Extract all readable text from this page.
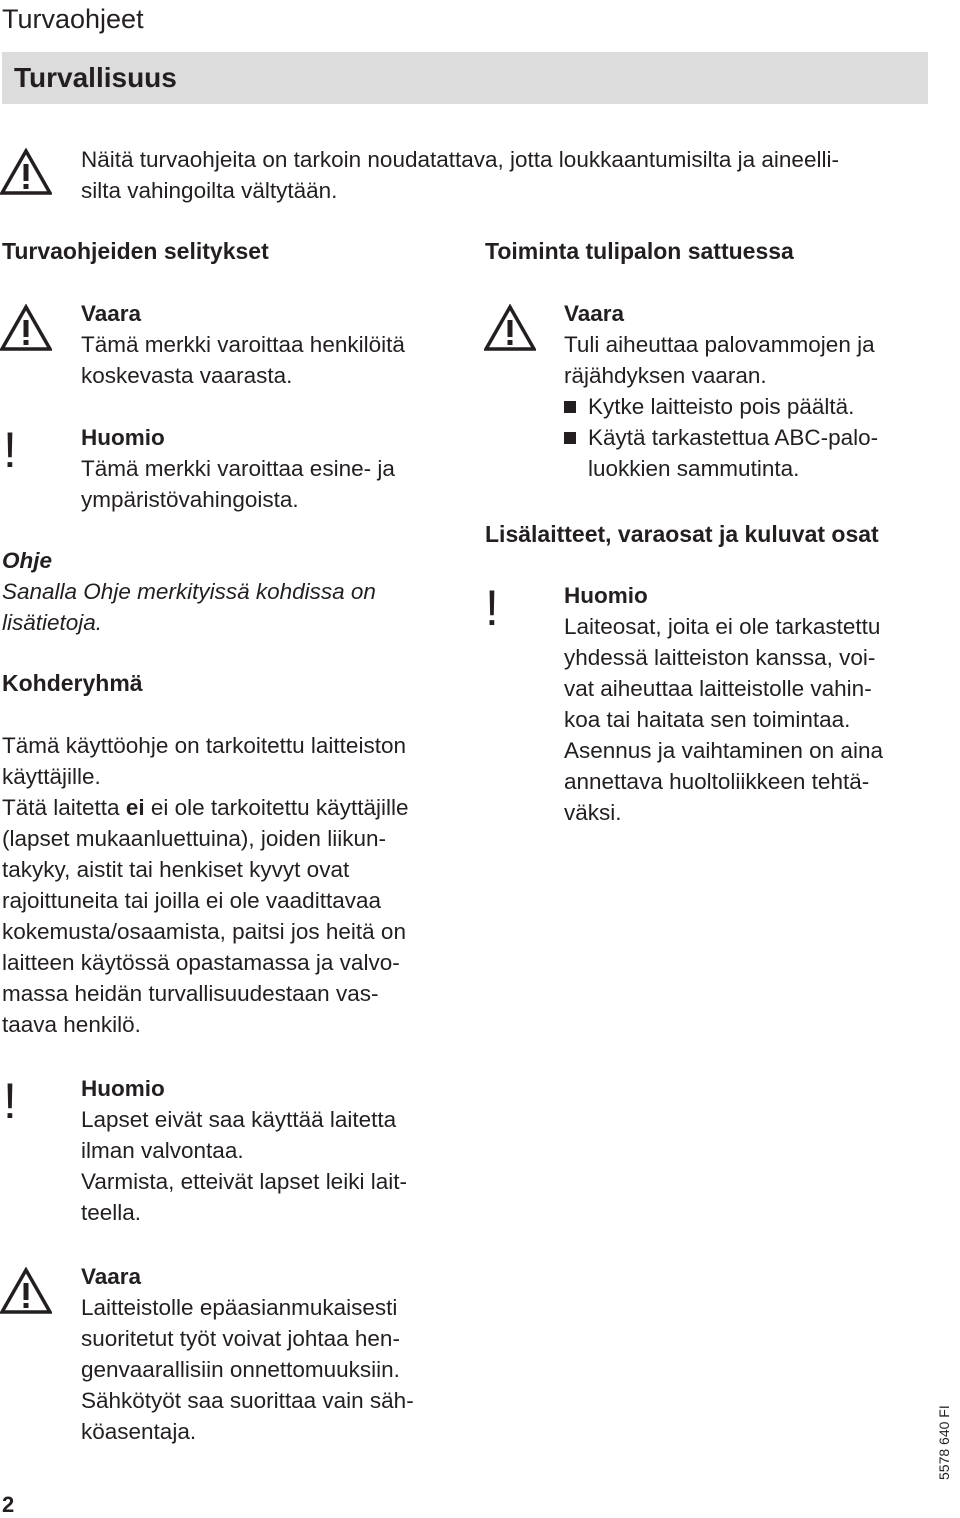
Turvaohjeet
Turvallisuus
Näitä turvaohjeita on tarkoin noudatattava, jotta loukkaantumisilta ja aineelli-
silta vahingoilta vältytään.
Turvaohjeiden selitykset
Vaara
Tämä merkki varoittaa henkilöitä
koskevasta vaarasta.
!	Huomio
Tämä merkki varoittaa esine- ja
ympäristövahingoista.
Ohje
Sanalla Ohje merkityissä kohdissa on
lisätietoja.
Kohderyhmä
Tämä käyttöohje on tarkoitettu laitteiston
käyttäjille.
Tätä laitetta ei ei ole tarkoitettu käyttäjille
(lapset mukaanluettuina), joiden liikun-
takyky, aistit tai henkiset kyvyt ovat
rajoittuneita tai joilla ei ole vaadittavaa
kokemusta/osaamista, paitsi jos heitä on
laitteen käytössä opastamassa ja valvo-
massa heidän turvallisuudestaan vas-
taava henkilö.
!	Huomio
Lapset eivät saa käyttää laitetta
ilman valvontaa.
Varmista, etteivät lapset leiki lait-
teella.
Vaara
Laitteistolle epäasianmukaisesti
suoritetut työt voivat johtaa hen-
genvaarallisiin onnettomuuksiin.
Sähkötyöt saa suorittaa vain säh-
köasentaja.
Toiminta tulipalon sattuessa
Vaara
Tuli aiheuttaa palovammojen ja
räjähdyksen vaaran.
Kytke laitteisto pois päältä.
Käytä tarkastettua ABC-palo-
luokkien sammutinta.
Lisälaitteet, varaosat ja kuluvat osat
!	Huomio
Laiteosat, joita ei ole tarkastettu
yhdessä laitteiston kanssa, voi-
vat aiheuttaa laitteistolle vahin-
koa tai haitata sen toimintaa.
Asennus ja vaihtaminen on aina
annettava huoltoliikkeen tehtä-
väksi.
2
5578 640 FI
